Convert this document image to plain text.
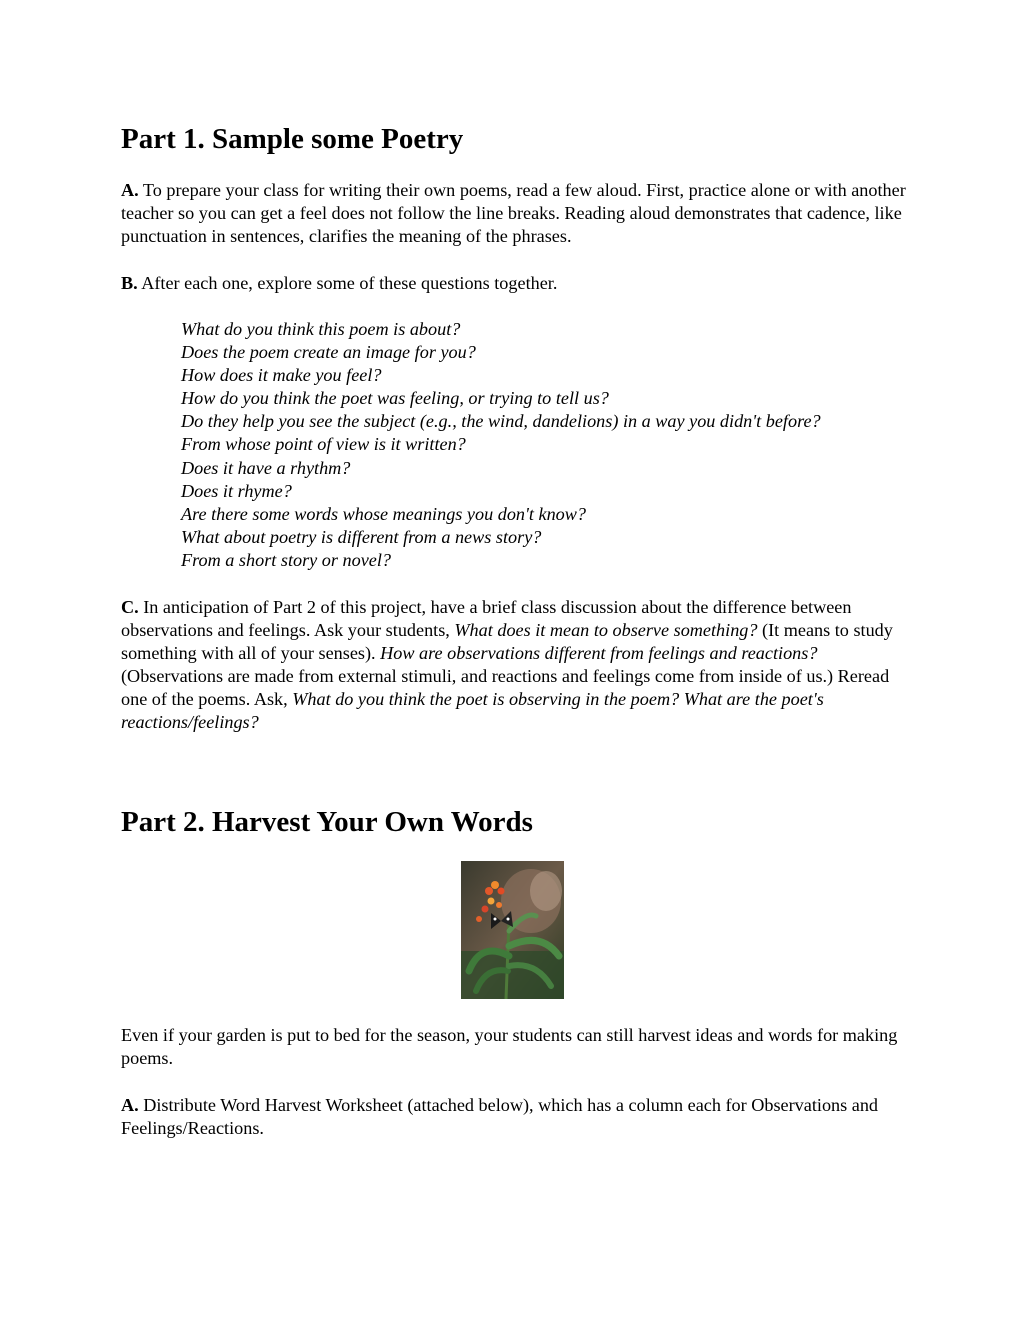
Part 1. Sample some Poetry

A. To prepare your class for writing their own poems, read a few aloud. First, practice alone or with another teacher so you can get a feel does not follow the line breaks. Reading aloud demonstrates that cadence, like punctuation in sentences, clarifies the meaning of the phrases.

B. After each one, explore some of these questions together.

What do you think this poem is about?
Does the poem create an image for you?
How does it make you feel?
How do you think the poet was feeling, or trying to tell us?
Do they help you see the subject (e.g., the wind, dandelions) in a way you didn't before?
From whose point of view is it written?
Does it have a rhythm?
Does it rhyme?
Are there some words whose meanings you don't know?
What about poetry is different from a news story?
From a short story or novel?

C. In anticipation of Part 2 of this project, have a brief class discussion about the difference between observations and feelings. Ask your students, What does it mean to observe something? (It means to study something with all of your senses). How are observations different from feelings and reactions? (Observations are made from external stimuli, and reactions and feelings come from inside of us.) Reread one of the poems. Ask, What do you think the poet is observing in the poem? What are the poet's reactions/feelings?

Part 2. Harvest Your Own Words

Even if your garden is put to bed for the season, your students can still harvest ideas and words for making poems.

A. Distribute Word Harvest Worksheet (attached below), which has a column each for Observations and Feelings/Reactions.
